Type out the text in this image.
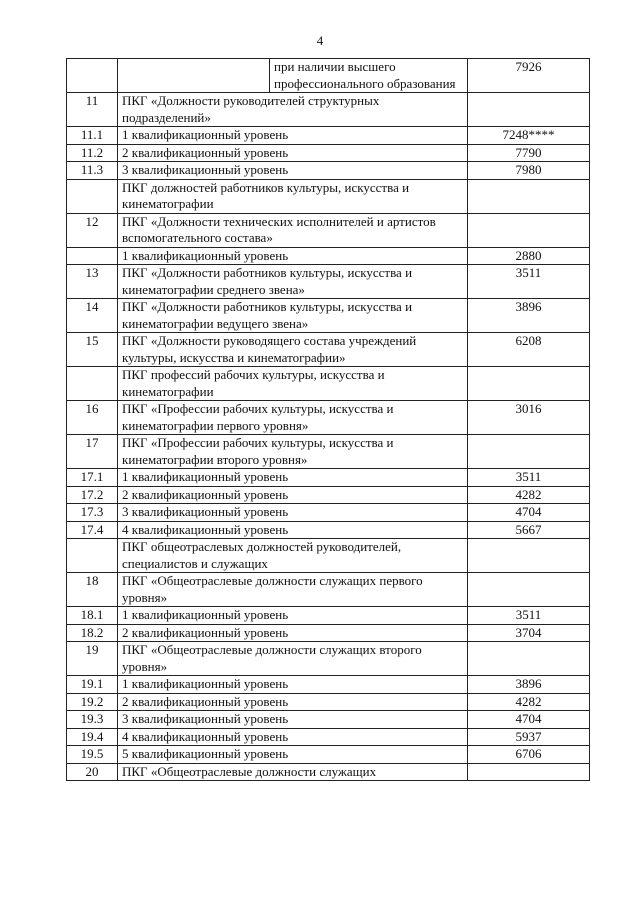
4
		при наличии высшего профессионального образования	7926
11	ПКГ «Должности руководителей структурных подразделений»		
11.1	1 квалификационный уровень		7248****
11.2	2 квалификационный уровень		7790
11.3	3 квалификационный уровень		7980
	ПКГ должностей работников культуры, искусства и кинематографии		
12	ПКГ «Должности технических исполнителей и артистов вспомогательного состава»		
	1 квалификационный уровень		2880
13	ПКГ «Должности работников культуры, искусства и кинематографии среднего звена»		3511
14	ПКГ «Должности работников культуры, искусства и кинематографии ведущего звена»		3896
15	ПКГ «Должности руководящего состава учреждений культуры, искусства и кинематографии»		6208
	ПКГ профессий рабочих культуры, искусства и кинематографии		
16	ПКГ «Профессии рабочих культуры, искусства и кинематографии первого уровня»		3016
17	ПКГ «Профессии рабочих культуры, искусства и кинематографии второго уровня»		
17.1	1 квалификационный уровень		3511
17.2	2 квалификационный уровень		4282
17.3	3 квалификационный уровень		4704
17.4	4 квалификационный уровень		5667
	ПКГ общеотраслевых должностей руководителей, специалистов и служащих		
18	ПКГ «Общеотраслевые должности служащих первого уровня»		
18.1	1 квалификационный уровень		3511
18.2	2 квалификационный уровень		3704
19	ПКГ «Общеотраслевые должности служащих второго уровня»		
19.1	1 квалификационный уровень		3896
19.2	2 квалификационный уровень		4282
19.3	3 квалификационный уровень		4704
19.4	4 квалификационный уровень		5937
19.5	5 квалификационный уровень		6706
20	ПКГ «Общеотраслевые должности служащих		
